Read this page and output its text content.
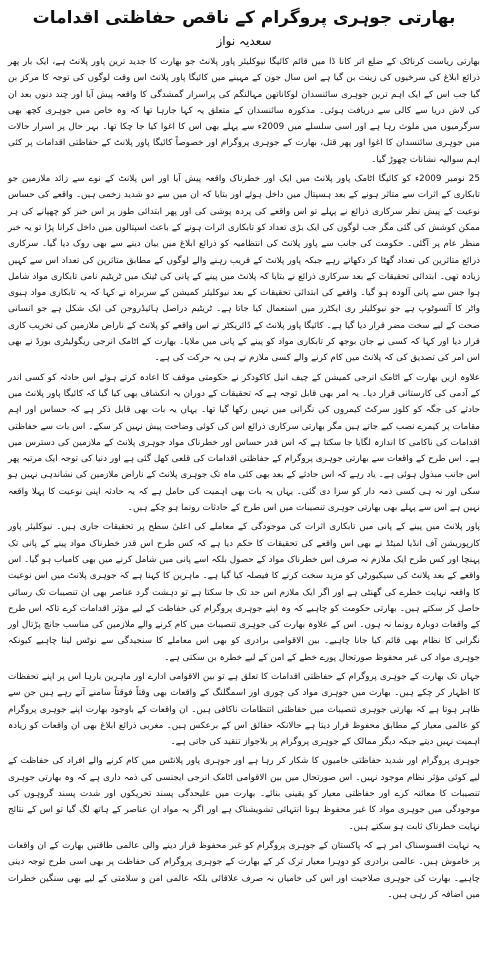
بھارتی جوہری پروگرام کے ناقص حفاظتی اقدامات
سعدیہ نواز

بھارتی ریاست کرناٹک کے ضلع اتر کانا ڈا میں قائم کائیگا نیوکلیئر پاور پلانٹ جو بھارت کا جدید ترین پاور پلانٹ ہے، ایک بار پھر ذرائع ابلاغ کی سرخیوں کی زینت بن گیا ہے اس سال جون کے مہینے میں کائیگا پاور پلانٹ اس وقت لوگوں کی توجہ کا مرکز بن گیا جب اس کے ایک اہم ترین جوہری سائنسدان لوکاناتھن مہالنگم کی پراسرار گمشدگی کا واقعہ پیش آیا اور چند دنوں بعد ان کی لاش دریا سے کالی سے دریافت ہوئی۔ مذکورہ سائنسدان کے متعلق یہ کہا جارہا تھا کہ وہ خاص میں جوہری کچھ بھی سرگرمیوں میں ملوث رہا ہے اور اسی سلسلے میں 2009ء سے پہلے بھی اس کا اغوا کیا جا چکا تھا۔ بہر حال پر اسرار حالات میں جوہری سائنسدان کا اغوا اور پھر قتل، بھارت کے جوہری پروگرام اور خصوصاً کائیگا پاور پلانٹ کے حفاظتی اقدامات پر کئی اہم سوالیہ نشانات چھوڑ گیا۔

25 نومبر 2009ء کو کائیگا اٹامک پاور پلانٹ میں ایک اور خطرناک واقعہ پیش آیا اور اس پلانٹ کے نوے سے زائد ملازمین جو تابکاری کے اثرات سے متاثر ہونے کے بعد ہسپتال میں داخل ہوئے اور بتایا کہ ان میں سے دو شدید زخمی ہیں۔ واقعے کی حساس نوعیت کے پیش نظر سرکاری ذرائع نے پہلے تو اس واقعے کی پردہ پوشی کی اور پھر ابتدائی طور پر اس خبر کو چھپانے کی ہر ممکن کوشش کی گئی مگر جب لوگوں کی ایک بڑی تعداد کو تابکاری اثرات ہونے کے باعث اسپتالوں میں داخل کرانا پڑا تو یہ خبر منظر عام پر آگئی۔ حکومت کی جانب سے پاور پلانٹ کی انتظامیہ کو ذرائع ابلاغ میں بیان دینے سے بھی روک دیا گیا۔ سرکاری ذرائع متاثرین کی تعداد گھٹا کر دکھاتے رہے جبکہ پاور پلانٹ کے قریب رہنے والے لوگوں کے مطابق متاثرین کی تعداد اس سے کہیں زیادہ تھی۔ ابتدائی تحقیقات کے بعد سرکاری ذرائع نے بتایا کہ پلانٹ میں پینے کے پانی کی ٹینک میں ٹریٹیم نامی تابکاری مواد شامل ہوا جس سے پانی آلودہ ہو گیا۔ واقعے کی ابتدائی تحقیقات کے بعد نیوکلیئر کمیشن کے سربراہ نے کہا کہ یہ تابکاری مواد ہیوی واٹر کا آئسوٹوپ ہے جو نیوکلیئر ری ایکٹرز میں استعمال کیا جاتا ہے۔ ٹریٹیم دراصل ہائیڈروجن کی ایک شکل ہے جو انسانی صحت کے لیے سخت مضر قرار دیا گیا ہے۔ کائیگا پاور پلانٹ کے ڈائریکٹر نے اس واقعے کو پلانٹ کے ناراض ملازمین کی تخریب کاری قرار دیا اور کہا کہ کسی نے جان بوجھ کر تابکاری مواد کو پینے کے پانی میں ملایا۔ بھارت کے اٹامک انرجی ریگولیٹری بورڈ نے بھی اس امر کی تصدیق کی کہ پلانٹ میں کام کرنے والے کسی ملازم نے ہی یہ حرکت کی ہے۔

علاوہ ازیں بھارت کے اٹامک انرجی کمیشن کے چیف انیل کاکودکر نے حکومتی موقف کا اعادہ کرتے ہوئے اس حادثہ کو کسی اندر کے آدمی کی کارستانی قرار دیا۔ یہ امر بھی قابل توجہ ہے کہ تحقیقات کے دوران یہ انکشاف بھی کیا گیا کہ کائیگا پاور پلانٹ میں حادثے کی جگہ کو کلوز سرکٹ کیمروں کی نگرانی میں نہیں رکھا گیا تھا۔ یہاں یہ بات بھی قابل ذکر ہے کہ حساس اور اہم مقامات پر کیمرے نصب کیے جاتے ہیں مگر بھارتی سرکاری ذرائع اس کی کوئی وضاحت پیش نہیں کر سکے۔ اس بات سے حفاظتی اقدامات کی ناکامی کا اندازہ لگایا جا سکتا ہے کہ اس قدر حساس اور خطرناک مواد جوہری پلانٹ کے ملازمین کی دسترس میں ہے۔ اس طرح کے واقعات سے بھارتی جوہری پروگرام کے حفاظتی اقدامات کی قلعی کھل گئی ہے اور دنیا کی توجہ ایک مرتبہ پھر اس جانب مبذول ہوئی ہے۔ یاد رہے کہ اس حادثے کے بعد بھی کئی ماہ تک جوہری پلانٹ کے ناراض ملازمین کی نشاندہی نہیں ہو سکی اور نہ ہی کسی ذمہ دار کو سزا دی گئی۔ یہاں یہ بات بھی اہمیت کی حامل ہے کہ یہ حادثہ اپنی نوعیت کا پہلا واقعہ نہیں ہے اس سے پہلے بھی بھارتی جوہری تنصیبات میں اس طرح کے حادثات رونما ہو چکے ہیں۔

پاور پلانٹ میں پینے کے پانی میں تابکاری اثرات کی موجودگی کے معاملے کی اعلیٰ سطح پر تحقیقات جاری ہیں۔ نیوکلیئر پاور کارپوریشن آف انڈیا لمیٹڈ نے بھی اس واقعے کی تحقیقات کا حکم دیا ہے کہ کس طرح اس قدر خطرناک مواد پینے کے پانی تک پہنچا اور کس طرح ایک ملازم نہ صرف اس خطرناک مواد کے حصول بلکہ اسے پانی میں شامل کرنے میں بھی کامیاب ہو گیا۔ اس واقعے کے بعد پلانٹ کی سیکیورٹی کو مزید سخت کرنے کا فیصلہ کیا گیا ہے۔ ماہرین کا کہنا ہے کہ جوہری پلانٹ میں اس نوعیت کا واقعہ نہایت خطرے کی گھنٹی ہے اور اگر ایک ملازم اس حد تک جا سکتا ہے تو دہشت گرد عناصر بھی ان تنصیبات تک رسائی حاصل کر سکتے ہیں۔ بھارتی حکومت کو چاہیے کہ وہ اپنے جوہری پروگرام کی حفاظت کے لیے مؤثر اقدامات کرے تاکہ اس طرح کے واقعات دوبارہ رونما نہ ہوں۔ اس کے علاوہ بھارت کی جوہری تنصیبات میں کام کرنے والے ملازمین کی مناسب جانچ پڑتال اور نگرانی کا نظام بھی قائم کیا جانا چاہیے۔ بین الاقوامی برادری کو بھی اس معاملے کا سنجیدگی سے نوٹس لینا چاہیے کیونکہ جوہری مواد کی غیر محفوظ صورتحال پورے خطے کے امن کے لیے خطرہ بن سکتی ہے۔

جہاں تک بھارت کے جوہری پروگرام کے حفاظتی اقدامات کا تعلق ہے تو بین الاقوامی ادارے اور ماہرین بارہا اس پر اپنے تحفظات کا اظہار کر چکے ہیں۔ بھارت میں جوہری مواد کی چوری اور اسمگلنگ کے واقعات بھی وقتاً فوقتاً سامنے آتے رہے ہیں جن سے ظاہر ہوتا ہے کہ بھارتی جوہری تنصیبات میں حفاظتی انتظامات ناکافی ہیں۔ ان واقعات کے باوجود بھارت اپنے جوہری پروگرام کو عالمی معیار کے مطابق محفوظ قرار دیتا ہے حالانکہ حقائق اس کے برعکس ہیں۔ مغربی ذرائع ابلاغ بھی ان واقعات کو زیادہ اہمیت نہیں دیتے جبکہ دیگر ممالک کے جوہری پروگرام پر بلاجواز تنقید کی جاتی ہے۔

جوہری پروگرام اور شدید حفاظتی خامیوں کا شکار کر رہا ہے اور جوہری پاور پلانٹس میں کام کرنے والے افراد کی حفاظت کے لیے کوئی مؤثر نظام موجود نہیں۔ اس صورتحال میں بین الاقوامی اٹامک انرجی ایجنسی کی ذمہ داری ہے کہ وہ بھارتی جوہری تنصیبات کا معائنہ کرے اور حفاظتی معیار کو یقینی بنائے۔ بھارت میں علیحدگی پسند تحریکوں اور شدت پسند گروہوں کی موجودگی میں جوہری مواد کا غیر محفوظ ہونا انتہائی تشویشناک ہے اور اگر یہ مواد ان عناصر کے ہاتھ لگ گیا تو اس کے نتائج نہایت خطرناک ثابت ہو سکتے ہیں۔

یہ نہایت افسوسناک امر ہے کہ پاکستان کے جوہری پروگرام کو غیر محفوظ قرار دینے والی عالمی طاقتیں بھارت کے ان واقعات پر خاموش ہیں۔ عالمی برادری کو دوہرا معیار ترک کر کے بھارت کے جوہری پروگرام کی حفاظت پر بھی اسی طرح توجہ دینی چاہیے۔ بھارت کی جوہری صلاحیت اور اس کی خامیاں نہ صرف علاقائی بلکہ عالمی امن و سلامتی کے لیے بھی سنگین خطرات میں اضافہ کر رہی ہیں۔
